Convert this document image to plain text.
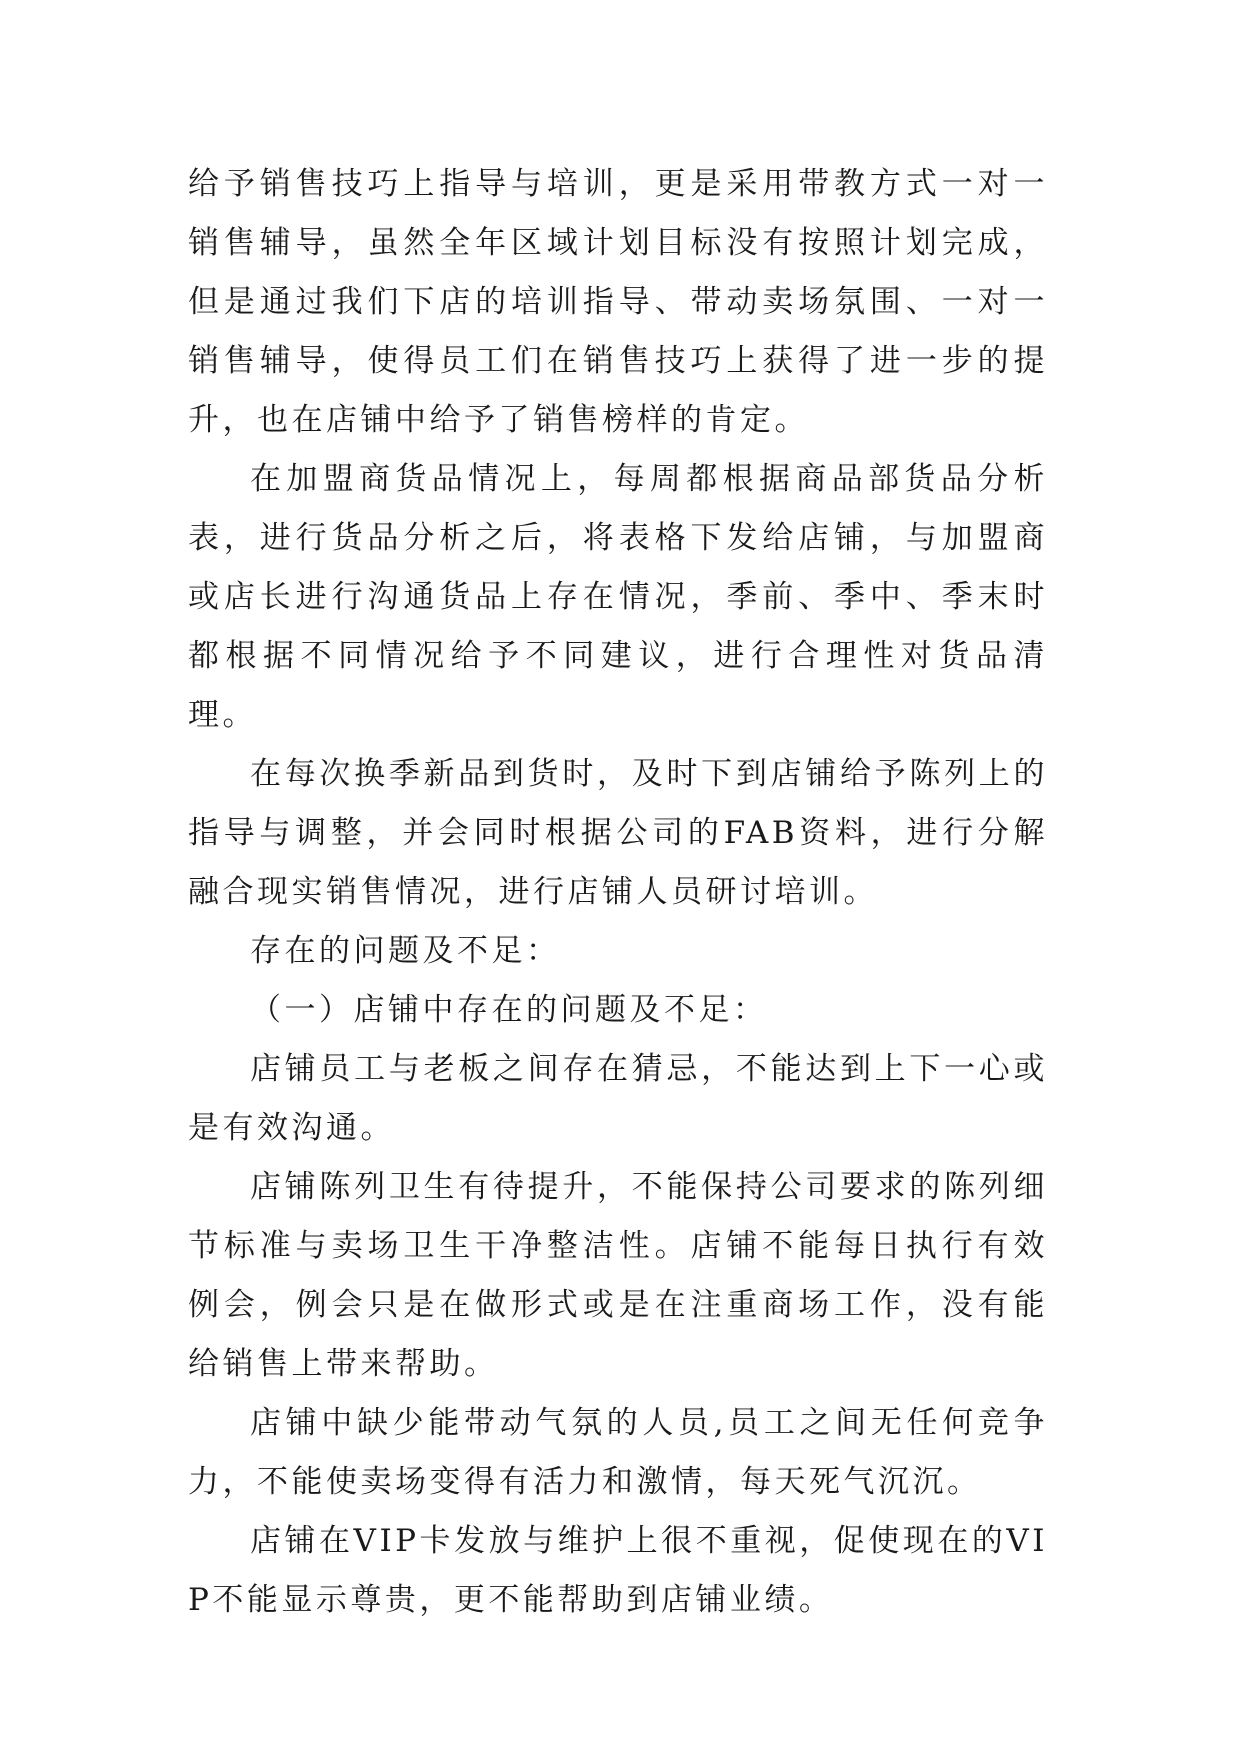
给予销售技巧上指导与培训，更是采用带教方式一对一销售辅导，虽然全年区域计划目标没有按照计划完成，但是通过我们下店的培训指导、带动卖场氛围、一对一销售辅导，使得员工们在销售技巧上获得了进一步的提升，也在店铺中给予了销售榜样的肯定。

在加盟商货品情况上，每周都根据商品部货品分析表，进行货品分析之后，将表格下发给店铺，与加盟商或店长进行沟通货品上存在情况，季前、季中、季末时都根据不同情况给予不同建议，进行合理性对货品清理。

在每次换季新品到货时，及时下到店铺给予陈列上的指导与调整，并会同时根据公司的FAB资料，进行分解融合现实销售情况，进行店铺人员研讨培训。

存在的问题及不足：

（一）店铺中存在的问题及不足：

店铺员工与老板之间存在猜忌，不能达到上下一心或是有效沟通。

店铺陈列卫生有待提升，不能保持公司要求的陈列细节标准与卖场卫生干净整洁性。店铺不能每日执行有效例会，例会只是在做形式或是在注重商场工作，没有能给销售上带来帮助。

店铺中缺少能带动气氛的人员,员工之间无任何竞争力，不能使卖场变得有活力和激情，每天死气沉沉。

店铺在VIP卡发放与维护上很不重视，促使现在的VIP不能显示尊贵，更不能帮助到店铺业绩。
